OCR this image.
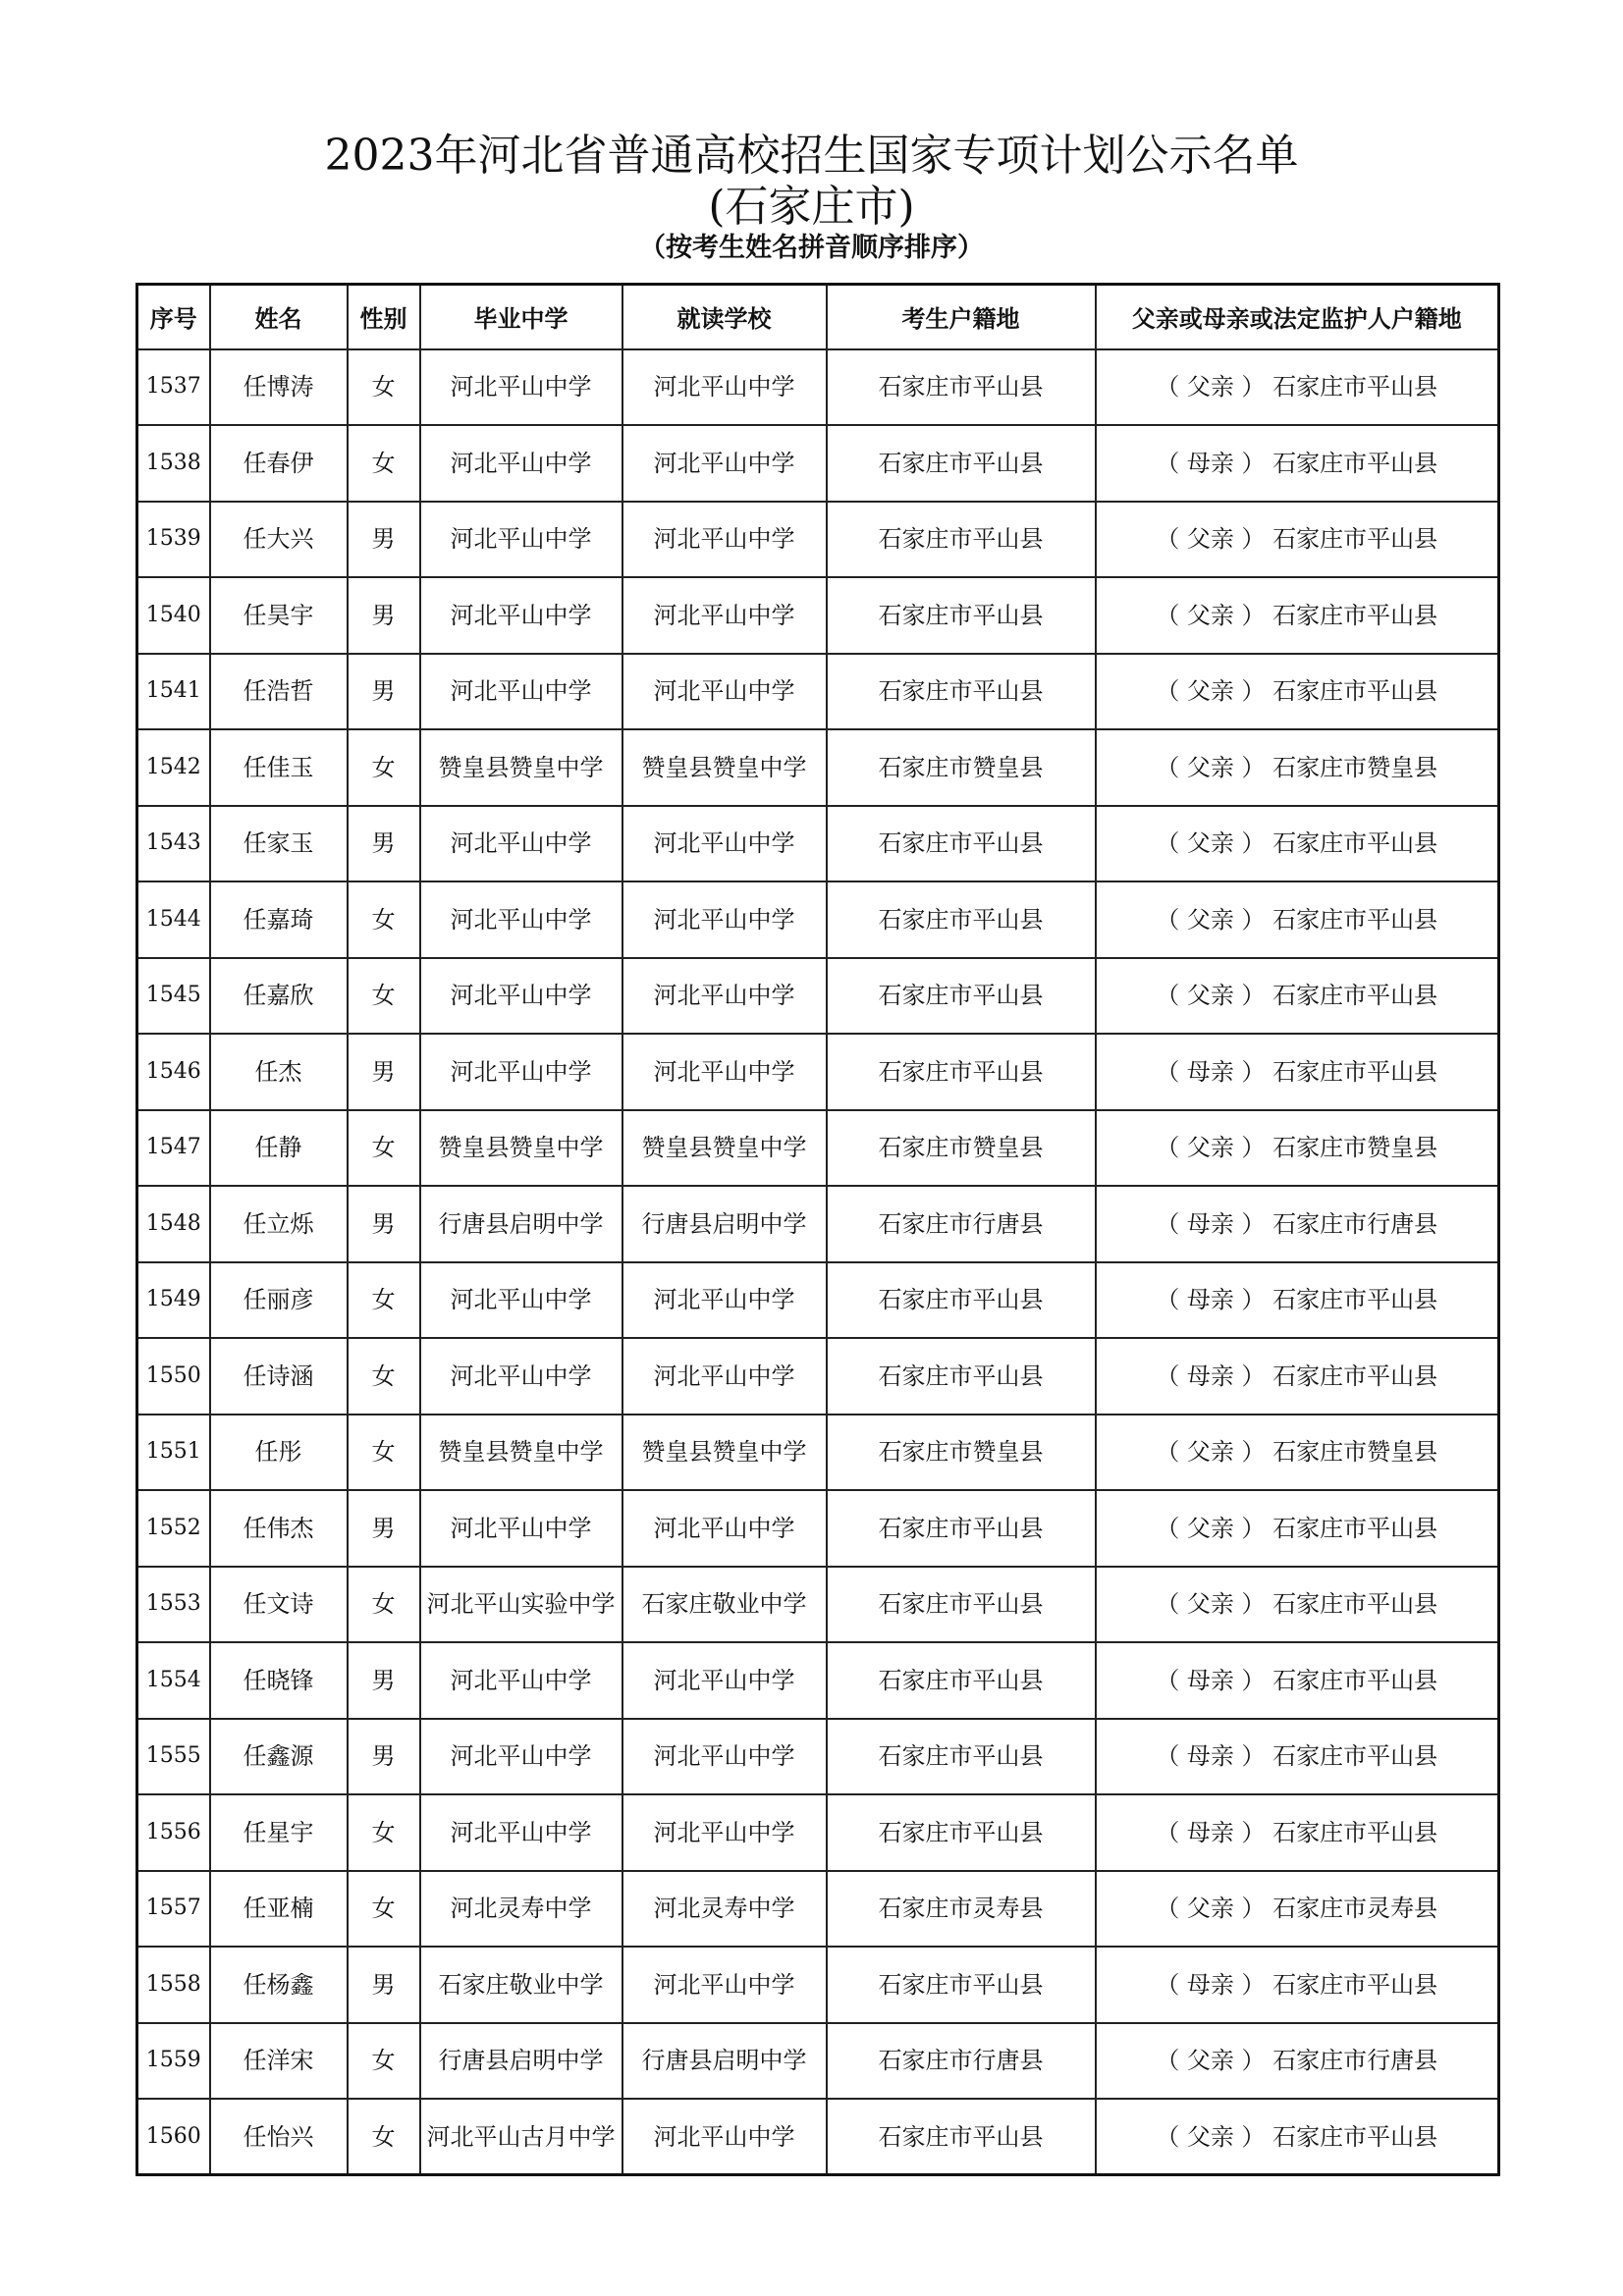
2023年河北省普通高校招生国家专项计划公示名单
(石家庄市)
（按考生姓名拼音顺序排序）
序号	姓名	性别	毕业中学	就读学校	考生户籍地	父亲或母亲或法定监护人户籍地
1537	任博涛	女	河北平山中学	河北平山中学	石家庄市平山县	（ 父亲 ） 石家庄市平山县
1538	任春伊	女	河北平山中学	河北平山中学	石家庄市平山县	（ 母亲 ） 石家庄市平山县
1539	任大兴	男	河北平山中学	河北平山中学	石家庄市平山县	（ 父亲 ） 石家庄市平山县
1540	任昊宇	男	河北平山中学	河北平山中学	石家庄市平山县	（ 父亲 ） 石家庄市平山县
1541	任浩哲	男	河北平山中学	河北平山中学	石家庄市平山县	（ 父亲 ） 石家庄市平山县
1542	任佳玉	女	赞皇县赞皇中学	赞皇县赞皇中学	石家庄市赞皇县	（ 父亲 ） 石家庄市赞皇县
1543	任家玉	男	河北平山中学	河北平山中学	石家庄市平山县	（ 父亲 ） 石家庄市平山县
1544	任嘉琦	女	河北平山中学	河北平山中学	石家庄市平山县	（ 父亲 ） 石家庄市平山县
1545	任嘉欣	女	河北平山中学	河北平山中学	石家庄市平山县	（ 父亲 ） 石家庄市平山县
1546	任杰	男	河北平山中学	河北平山中学	石家庄市平山县	（ 母亲 ） 石家庄市平山县
1547	任静	女	赞皇县赞皇中学	赞皇县赞皇中学	石家庄市赞皇县	（ 父亲 ） 石家庄市赞皇县
1548	任立烁	男	行唐县启明中学	行唐县启明中学	石家庄市行唐县	（ 母亲 ） 石家庄市行唐县
1549	任丽彦	女	河北平山中学	河北平山中学	石家庄市平山县	（ 母亲 ） 石家庄市平山县
1550	任诗涵	女	河北平山中学	河北平山中学	石家庄市平山县	（ 母亲 ） 石家庄市平山县
1551	任彤	女	赞皇县赞皇中学	赞皇县赞皇中学	石家庄市赞皇县	（ 父亲 ） 石家庄市赞皇县
1552	任伟杰	男	河北平山中学	河北平山中学	石家庄市平山县	（ 父亲 ） 石家庄市平山县
1553	任文诗	女	河北平山实验中学	石家庄敬业中学	石家庄市平山县	（ 父亲 ） 石家庄市平山县
1554	任晓锋	男	河北平山中学	河北平山中学	石家庄市平山县	（ 母亲 ） 石家庄市平山县
1555	任鑫源	男	河北平山中学	河北平山中学	石家庄市平山县	（ 母亲 ） 石家庄市平山县
1556	任星宇	女	河北平山中学	河北平山中学	石家庄市平山县	（ 母亲 ） 石家庄市平山县
1557	任亚楠	女	河北灵寿中学	河北灵寿中学	石家庄市灵寿县	（ 父亲 ） 石家庄市灵寿县
1558	任杨鑫	男	石家庄敬业中学	河北平山中学	石家庄市平山县	（ 母亲 ） 石家庄市平山县
1559	任洋宋	女	行唐县启明中学	行唐县启明中学	石家庄市行唐县	（ 父亲 ） 石家庄市行唐县
1560	任怡兴	女	河北平山古月中学	河北平山中学	石家庄市平山县	（ 父亲 ） 石家庄市平山县
